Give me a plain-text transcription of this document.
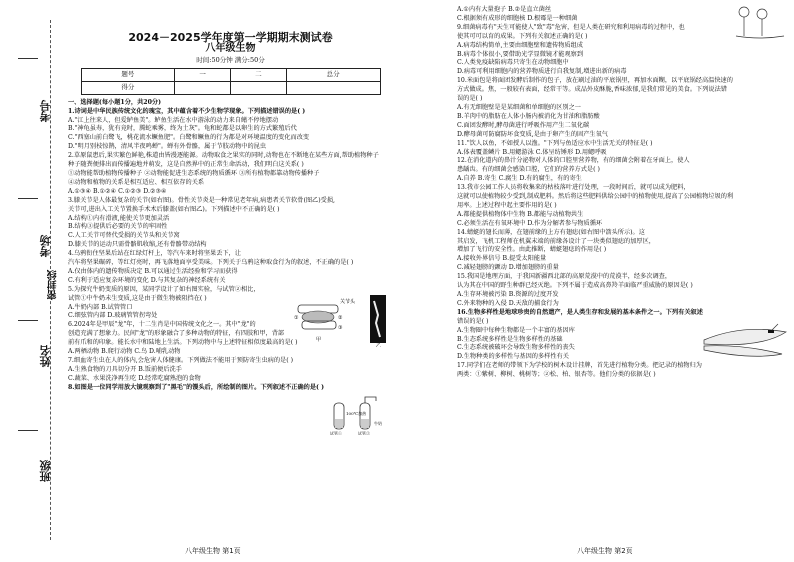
考号
考场
密封线
姓名
班级
2024－2025学年度第一学期期末测试卷
八年级生物
时间:50分钟 满分:50分
题号	一	二	总分
得分			

一、选择题(每小题1分，共20分)

1.诗词是中华民族传统文化的瑰宝，其中蕴含着不少生物学现象。下列描述错误的是( )

A."江上往来人，但爱鲈鱼美"。鲈鱼生活在水中游泳的动力来自鳍不停地摆动

B."神龟虽寿，犹有竟时，腾蛇乘雾，终为土灰"。龟和蛇都是以卵生的方式繁殖后代

C."西塞山前白鹭飞，桃花流水鳜鱼肥"。白鹭和鳜鱼的行为都是对环境温度的变化而改变

D."明月别枝惊鹊，清风半夜鸣蝉"。蝉有外骨骼，属于节肢动物中的昆虫

2.草原鼠患后,果实繁色鲜艳,株道由皆漫逐能源。动物取食之果实的同时,动物也在不断地在某些方面,帮助植物种子

种子随粪便排出而传播遍地并萌发，这是自然界中的正常生命活动，我们明白这关系( )

①动物能帮助植物传播种子 ②动物能促进生态系统的物质循环 ③所有植物都靠动物传播种子

④动物和植物的关系是相互适应、相互依存的关系

A.①③④ B.①②④ C.①②③ D.②③④

3.膝关节是人体最复杂的关节(如右图)。骨性关节炎是一种常见老年病,病患者关节软骨(图乙)受损,

关节可,进出入工关节置换手术术后膝盖(如右图乙)。下列描述中不正确的是( )

A.结构①内有滑液,能使关节更加灵活

B.结构③提供后必要的关节的牢固性

C.人工关节可替代受损的关节头和关节窝

D.膝关节的运动只需骨骼肌收缩,还有骨骼带动结构

4.乌鸦衔住坚果后站在红绿灯杆上，等汽车来时将坚果丢下，让

汽车将坚果碾碎，等红灯亮时，再飞落地面享受美味。下列关于乌鸦这种取食行为的叙述，不正确的是( )

A.仅由体内的遗传物质决定 B.可以通过生活经验和学习而获得

C.有利于适应复杂环境的变化 D.与其复杂的神经系统有关

5.为探究牛奶变质的原因，某同学设计了如右图实验，与试管②相比，

试管①中牛奶未生变质,这是由于微生物被阻挡在( )

A.牛奶内部 B.试管管口

C.细弦管内部 D.玻璃管管拐弯处

6.2024年是甲辰"龙"年，十二生肖是中国传统文化之一。其中"龙"的

创造充满了想象力。民间"龙"的形象融合了多种动物的特征，有四肢和甲，背部

前有爪和的印象。能长水中和陆地上生活。下列动物中与上述特征相似度最高的是( )

A.两栖动物 B.爬行动物 C.鸟 D.哺乳动物

7.细血寄生虫在人的体内,会危害人体健康。下列做法不能用于预防寄生虫病的是( )

A.生熟食物的刀具切分开 B.饭前便后洗手

C.蔬菜、水果洗净再生吃 D.经常吃腐熟泡的食物

8.如图是一位同学用放大镜观察到了"黑毛"的馒头后，所绘制的图片。下列叙述不正确的是( )

关节头
①	②
③
甲
乙
试管①	试管②
100℃加热
牛奶
八年级生物 第1页

A.①内有大量孢子 B.②是直立菌丝

C.根据须有成形的细胞核 D.根霉是一种细菌

9.细菌病毒有"天生可能使人"致"毒"危害，但是人类在研究和利用病毒的过程中，也

使其可可以育的成果。下列有关叙述正确的是( )

A.病毒结构简单,主要由细胞壁和遗传物质组成

B.病毒个体很小,要借助光学显微镜才能观察到

C.人类免疫缺陷病毒只寄生在动物细胞中

D.病毒可利用细胞内的营养物质进行自我复制,增进出新的病毒

10.米面包是将面团发酵后制作的包子，放在刷过油的平底锅里，再加水面糊，以平底锅经高温快速的

方式做成。焦，一般较有表面，经常干等。成品外皮酥脆,香味浓郁,是我们常见的美食。下列说法错

误的是( )

A.有无细胞壁是是某细菌和单细胞的区别之一

B.羊肉中的脂肪在人体小肠内被消化为甘油和脂肪酸

C.面团发酵时,酵母菌进行呼吸作用产生二氧化碳

D.酵母菌可防腐防坏食变质,是由于卵产生的固产生氧气

11."饮人以鱼，不如授人以渔。"下列与鱼适应水中生活无关的特征是( )

A.体表覆盖鳞片 B.用鳃游泳 C.体呈纺锤形 D.用鳃呼吸

12.在消化道内的鼻汁分泌物对人体的口腔里营养物，有的细菌会附着在牙面上，使人

患龋齿。有的细菌会感染口腔，它们的营养方式是( )

A.自养 B.寄生 C.腐生 D.有的腐生，有的寄生

13.我市公园工作人员将收集来的枯枝落叶进行处理，一段时间后，就可以成为肥料，

这就可以使植物较少受到,制成肥料。然后将这些肥料供给公园中的植物使用,提高了公园植物垃圾的利

用率。上述过程中起主要作用的是( )

A.都能提供植物体中生物 B.都能与动植物共生

C.必须生活在有氧环境中 D.作为分解者参与物质循环

14.蜻蜓的翅长而薄，在翅前缘的上方有翅痣(如右图中箭头所示)。这

其启发，飞机工程师在机翼末端的前缘各设计了一块类似翅痣的加厚区，

增加了飞行的安全性。由此推断，蜻蜓翅痣的作用是( )

A.接收外界信号 B.提受太阳能量

C.减轻翅膀的颤动 D.增加翅膀的重量

15.我国是地理方面，于我国新疆西北部的高原荒漠中的荒漠半，经多次调查，

认为其在中国的野生种群已经灭绝。下列不属于造成高鼻羚羊面临严重威胁的原因是( )

A.生存环境被污染 B.资源的过度开发

C.外来物种的入侵 D.天敌的捕食行为

16.生物多样性是地球珍贵的自然遗产，是人类生存和发展的基本条件之一。下列有关叙述

错误的是( )

A.生物圈中每种生物都是一个丰富的基因库

B.生态系统多样性是生物多样性的基础

C.生态系统被破坏会导致生物多样性的丧失

D.生物种类的多样性与基因的多样性有关

17.同学们在老师的带领下为学校的树木设计挂牌，首先进行植物分类。把记录的植物归为

两类：①紫树、柳树、桃树等；②松、柏、银杏等。他们分类的依据是( )

八年级生物 第2页
